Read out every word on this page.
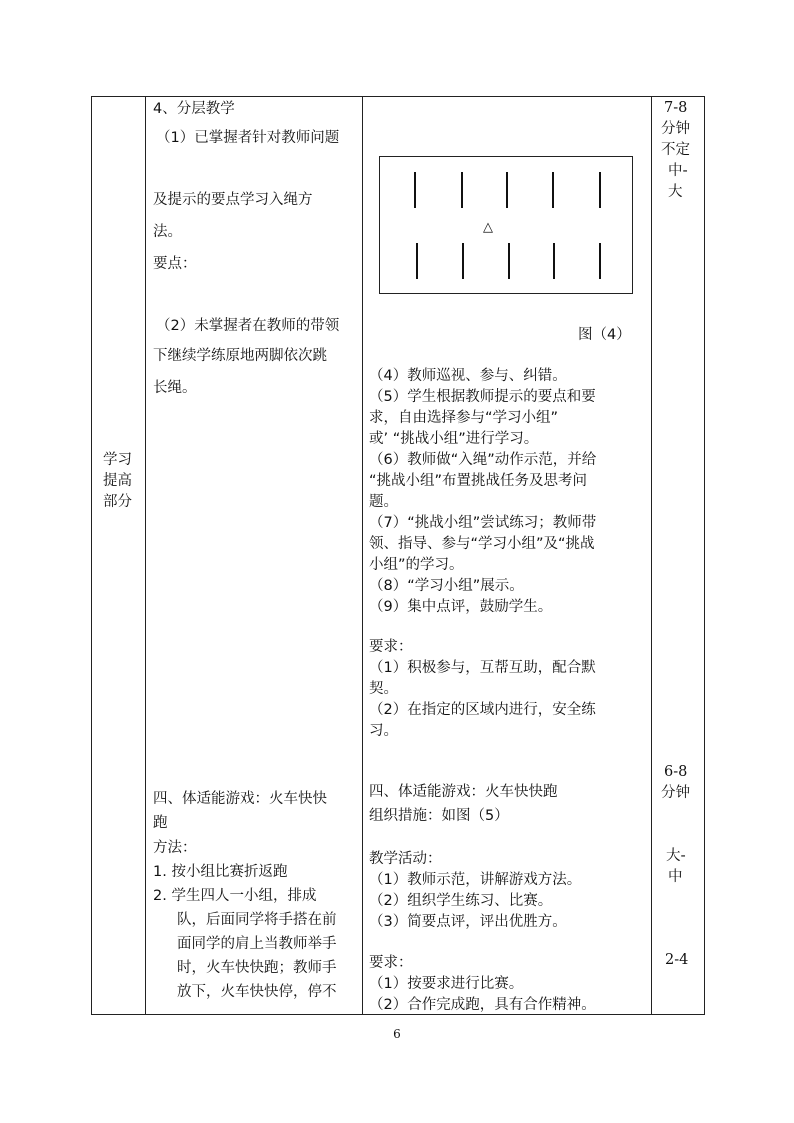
学习
提高
部分
4、分层教学
（1）已掌握者针对教师问题
及提示的要点学习入绳方
法。
要点：
（2）未掌握者在教师的带领
下继续学练原地两脚依次跳
长绳。
四、体适能游戏：火车快快
跑
方法：
1. 按小组比赛折返跑
2. 学生四人一小组，排成
队，后面同学将手搭在前
面同学的肩上当教师举手
时，火车快快跑；教师手
放下，火车快快停，停不
△
图（4）
（4）教师巡视、参与、纠错。
（5）学生根据教师提示的要点和要
求，自由选择参与“学习小组”
或’ “挑战小组”进行学习。
（6）教师做“入绳”动作示范，并给
“挑战小组”布置挑战任务及思考问
题。
（7）“挑战小组”尝试练习；教师带
领、指导、参与“学习小组”及“挑战
小组”的学习。
（8）“学习小组”展示。
（9）集中点评，鼓励学生。
要求：
（1）积极参与，互帮互助，配合默
契。
（2）在指定的区域内进行，安全练
习。
四、体适能游戏：火车快快跑
组织措施：如图（5）
教学活动：
（1）教师示范，讲解游戏方法。
（2）组织学生练习、比赛。
（3）简要点评，评出优胜方。
要求：
（1）按要求进行比赛。
（2）合作完成跑，具有合作精神。
7-8
分钟
不定
中-
大
6-8
分钟
大-
中
2-4
6
